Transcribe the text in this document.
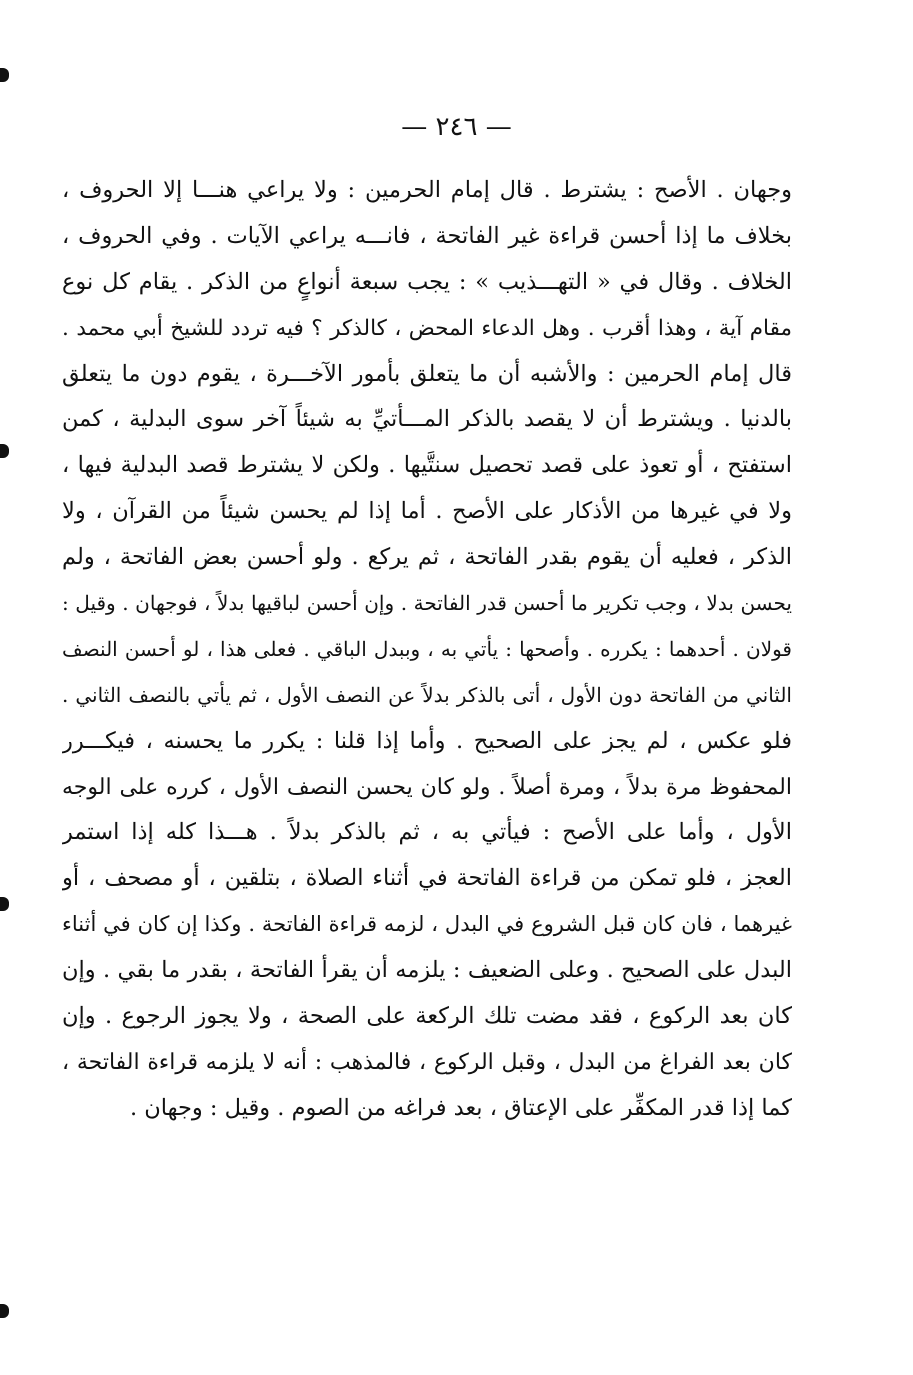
— ٢٤٦ —
وجهان . الأصح : يشترط . قال إمام الحرمين : ولا يراعي هنـــا إلا الحروف ،
بخلاف ما إذا أحسن قراءة غير الفاتحة ، فانـــه يراعي الآيات . وفي الحروف ،
الخلاف . وقال في « التهـــذيب » : يجب سبعة أنواعٍ من الذكر . يقام كل نوع
مقام آية ، وهذا أقرب . وهل الدعاء المحض ، كالذكر ؟ فيه تردد للشيخ أبي محمد .
قال إمام الحرمين : والأشبه أن ما يتعلق بأمور الآخـــرة ، يقوم دون ما يتعلق
بالدنيا . ويشترط أن لا يقصد بالذكر المـــأتيِّ به شيئاً آخر سوى البدلية ، كمن
استفتح ، أو تعوذ على قصد تحصيل سنتَّيها . ولكن لا يشترط قصد البدلية فيها ،
ولا في غيرها من الأذكار على الأصح . أما إذا لم يحسن شيئاً من القرآن ، ولا
الذكر ، فعليه أن يقوم بقدر الفاتحة ، ثم يركع . ولو أحسن بعض الفاتحة ، ولم
يحسن بدلا ، وجب تكرير ما أحسن قدر الفاتحة . وإن أحسن لباقيها بدلاً ، فوجهان . وقيل :
قولان . أحدهما : يكرره . وأصحها : يأتي به ، وببدل الباقي . فعلى هذا ، لو أحسن النصف
الثاني من الفاتحة دون الأول ، أتى بالذكر بدلاً عن النصف الأول ، ثم يأتي بالنصف الثاني .
فلو عكس ، لم يجز على الصحيح . وأما إذا قلنا : يكرر ما يحسنه ، فيكـــرر
المحفوظ مرة بدلاً ، ومرة أصلاً . ولو كان يحسن النصف الأول ، كرره على الوجه
الأول ، وأما على الأصح : فيأتي به ، ثم بالذكر بدلاً . هـــذا كله إذا استمر
العجز ، فلو تمكن من قراءة الفاتحة في أثناء الصلاة ، بتلقين ، أو مصحف ، أو
غيرهما ، فان كان قبل الشروع في البدل ، لزمه قراءة الفاتحة . وكذا إن كان في أثناء
البدل على الصحيح . وعلى الضعيف : يلزمه أن يقرأ الفاتحة ، بقدر ما بقي . وإن
كان بعد الركوع ، فقد مضت تلك الركعة على الصحة ، ولا يجوز الرجوع . وإن
كان بعد الفراغ من البدل ، وقبل الركوع ، فالمذهب : أنه لا يلزمه قراءة الفاتحة ،
كما إذا قدر المكفِّر على الإعتاق ، بعد فراغه من الصوم . وقيل : وجهان .
